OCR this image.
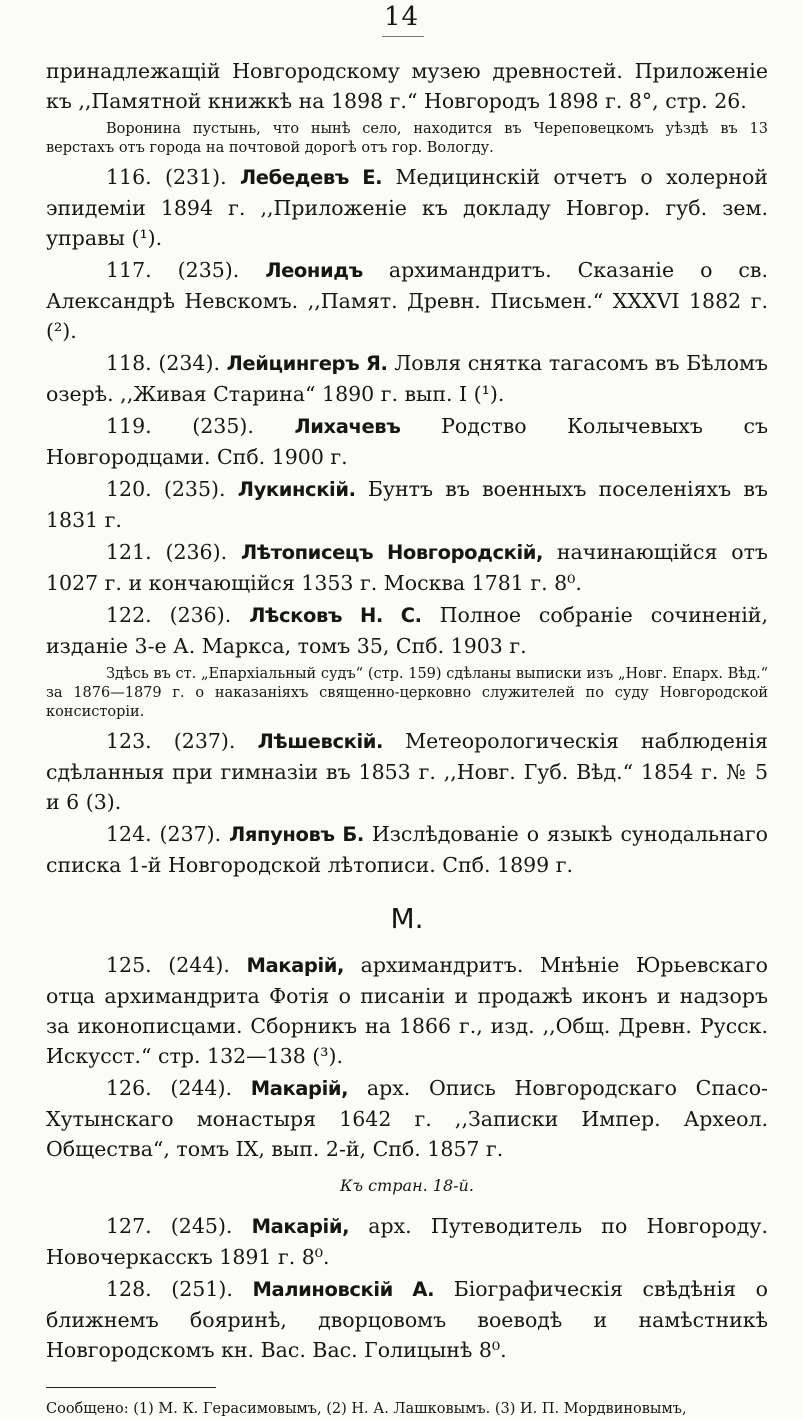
14

принадлежащій Новгородскому музею древностей. Приложеніе къ ,,Памятной книжкѣ на 1898 г.“ Новгородъ 1898 г. 8°, стр. 26.

Воронина пустынь, что нынѣ село, находится въ Череповецкомъ уѣздѣ въ 13 верстахъ отъ города на почтовой дорогѣ отъ гор. Вологду.

116. (231). Лебедевъ Е. Медицинскій отчетъ о холерной эпидеміи 1894 г. ,,Приложеніе къ докладу Новгор. губ. зем. управы (¹).

117. (235). Леонидъ архимандритъ. Сказаніе о св. Александрѣ Невскомъ. ,,Памят. Древн. Письмен.“ XXXVI 1882 г. (²).

118. (234). Лейцингеръ Я. Ловля снятка тагасомъ въ Бѣломъ озерѣ. ,,Живая Старина“ 1890 г. вып. I (¹).

119. (235). Лихачевъ Родство Колычевыхъ съ Новгородцами. Спб. 1900 г.

120. (235). Лукинскій. Бунтъ въ военныхъ поселеніяхъ въ 1831 г.

121. (236). Лѣтописецъ Новгородскій, начинающійся отъ 1027 г. и кончающійся 1353 г. Москва 1781 г. 8⁰.

122. (236). Лѣсковъ Н. С. Полное собраніе сочиненій, изданіе 3-е А. Маркса, томъ 35, Спб. 1903 г.

Здѣсь въ ст. „Епархіальный судъ“ (стр. 159) сдѣланы выписки изъ „Новг. Епарх. Вѣд.“ за 1876—1879 г. о наказаніяхъ священно-церковно служителей по суду Новгородской консисторіи.

123. (237). Лѣшевскій. Метеорологическія наблюденія сдѣланныя при гимназіи въ 1853 г. ,,Новг. Губ. Вѣд.“ 1854 г. № 5 и 6 (3).

124. (237). Ляпуновъ Б. Изслѣдованіе о языкѣ сунодальнаго списка 1-й Новгородской лѣтописи. Спб. 1899 г.

М.

125. (244). Макарій, архимандритъ. Мнѣніе Юрьевскаго отца архимандрита Фотія о писаніи и продажѣ иконъ и надзоръ за иконописцами. Сборникъ на 1866 г., изд. ,,Общ. Древн. Русск. Искусст.“ стр. 132—138 (³).

126. (244). Макарій, арх. Опись Новгородскаго Спасо-Хутынскаго монастыря 1642 г. ,,Записки Импер. Археол. Общества“, томъ IX, вып. 2-й, Спб. 1857 г.

Къ стран. 18-й.

127. (245). Макарій, арх. Путеводитель по Новгороду. Новочеркасскъ 1891 г. 8⁰.

128. (251). Малиновскій А. Біографическія свѣдѣнія о ближнемъ бояринѣ, дворцовомъ воеводѣ и намѣстникѣ Новгородскомъ кн. Вас. Вас. Голицынѣ 8⁰.

Сообщено: (1) М. К. Герасимовымъ, (2) Н. А. Лашковымъ. (3) И. П. Мордвиновымъ,
